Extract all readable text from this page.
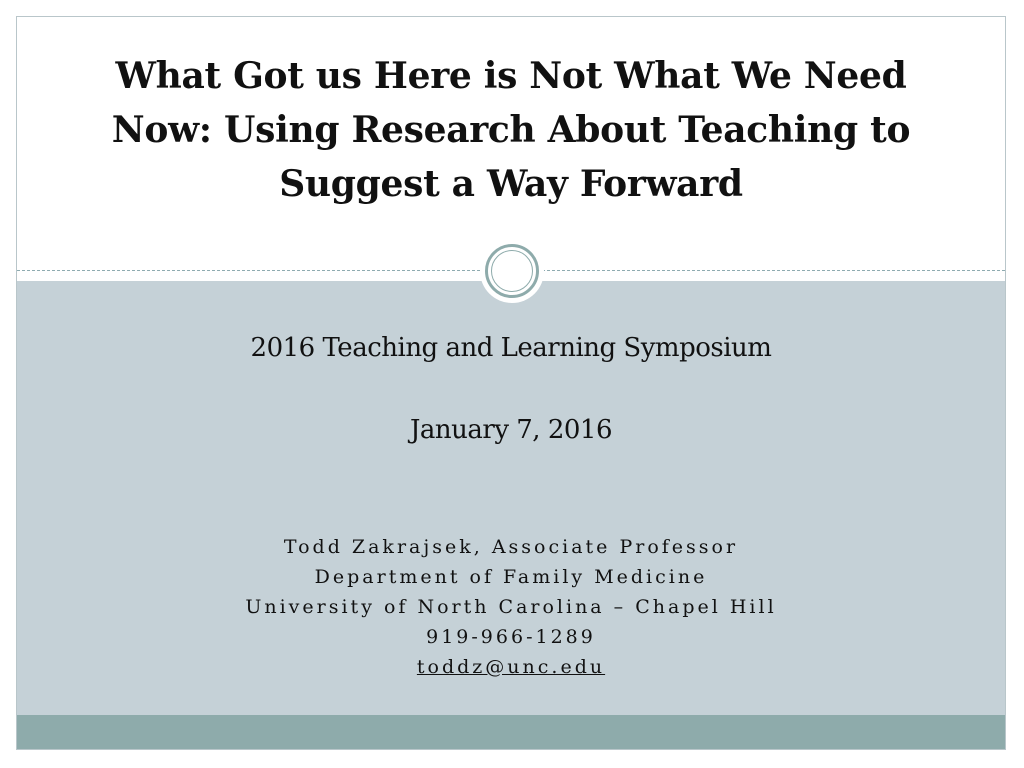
What Got us Here is Not What We Need
Now: Using Research About Teaching to
Suggest a Way Forward
2016 Teaching and Learning Symposium
January 7, 2016
Todd Zakrajsek, Associate Professor
Department of Family Medicine
University of North Carolina – Chapel Hill
919-966-1289
toddz@unc.edu
